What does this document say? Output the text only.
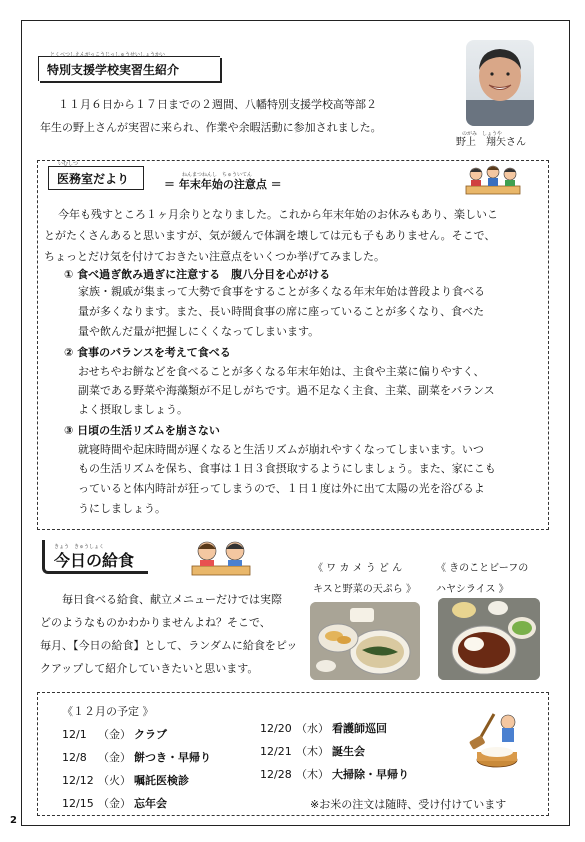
とくべつしえんがっこうじっしゅうせいしょうかい
特別支援学校実習生紹介
１１月６日から１７日までの２週間、八幡特別支援学校高等部２
年生の野上さんが実習に来られ、作業や余暇活動に参加されました。	のがみ　しょうや
野上　翔矢さん
いむしつ
医務室だより	ねんまつねんし　ちゅういてん
＝ 年末年始の注意点 ＝
今年も残すところ１ヶ月余りとなりました。これから年末年始のお休みもあり、楽しいこ
とがたくさんあると思いますが、気が緩んで体調を壊しては元も子もありません。そこで、
ちょっとだけ気を付けておきたい注意点をいくつか挙げてみました。
① 食べ過ぎ飲み過ぎに注意する　腹八分目を心がける
家族・親戚が集まって大勢で食事をすることが多くなる年末年始は普段より食べる
量が多くなります。また、長い時間食事の席に座っていることが多くなり、食べた
量や飲んだ量が把握しにくくなってしまいます。
② 食事のバランスを考えて食べる
おせちやお餅などを食べることが多くなる年末年始は、主食や主菜に偏りやすく、
副菜である野菜や海藻類が不足しがちです。過不足なく主食、主菜、副菜をバランス
よく摂取しましょう。
③ 日頃の生活リズムを崩さない
就寝時間や起床時間が遅くなると生活リズムが崩れやすくなってしまいます。いつ
もの生活リズムを保ち、食事は１日３食摂取するようにしましょう。また、家にこも
っていると体内時計が狂ってしまうので、１日１度は外に出て太陽の光を浴びるよ
うにしましょう。
きょう　きゅうしょく
今日の給食
毎日食べる給食、献立メニューだけでは実際
どのようなものかわかりませんよね？そこで、
毎月、【今日の給食】として、ランダムに給食をピッ
クアップして紹介していきたいと思います。
《 ワ カ メ う ど ん
キスと野菜の天ぷら 》
《 きのことビーフの
ハヤシライス 》
《１２月の予定 》
12/1 （金） クラブ
12/8 （金） 餅つき・早帰り
12/12 （火） 嘱託医検診
12/15 （金） 忘年会
12/20 （水） 看護師巡回
12/21 （木） 誕生会
12/28 （木） 大掃除・早帰り
※お米の注文は随時、受け付けています
2
